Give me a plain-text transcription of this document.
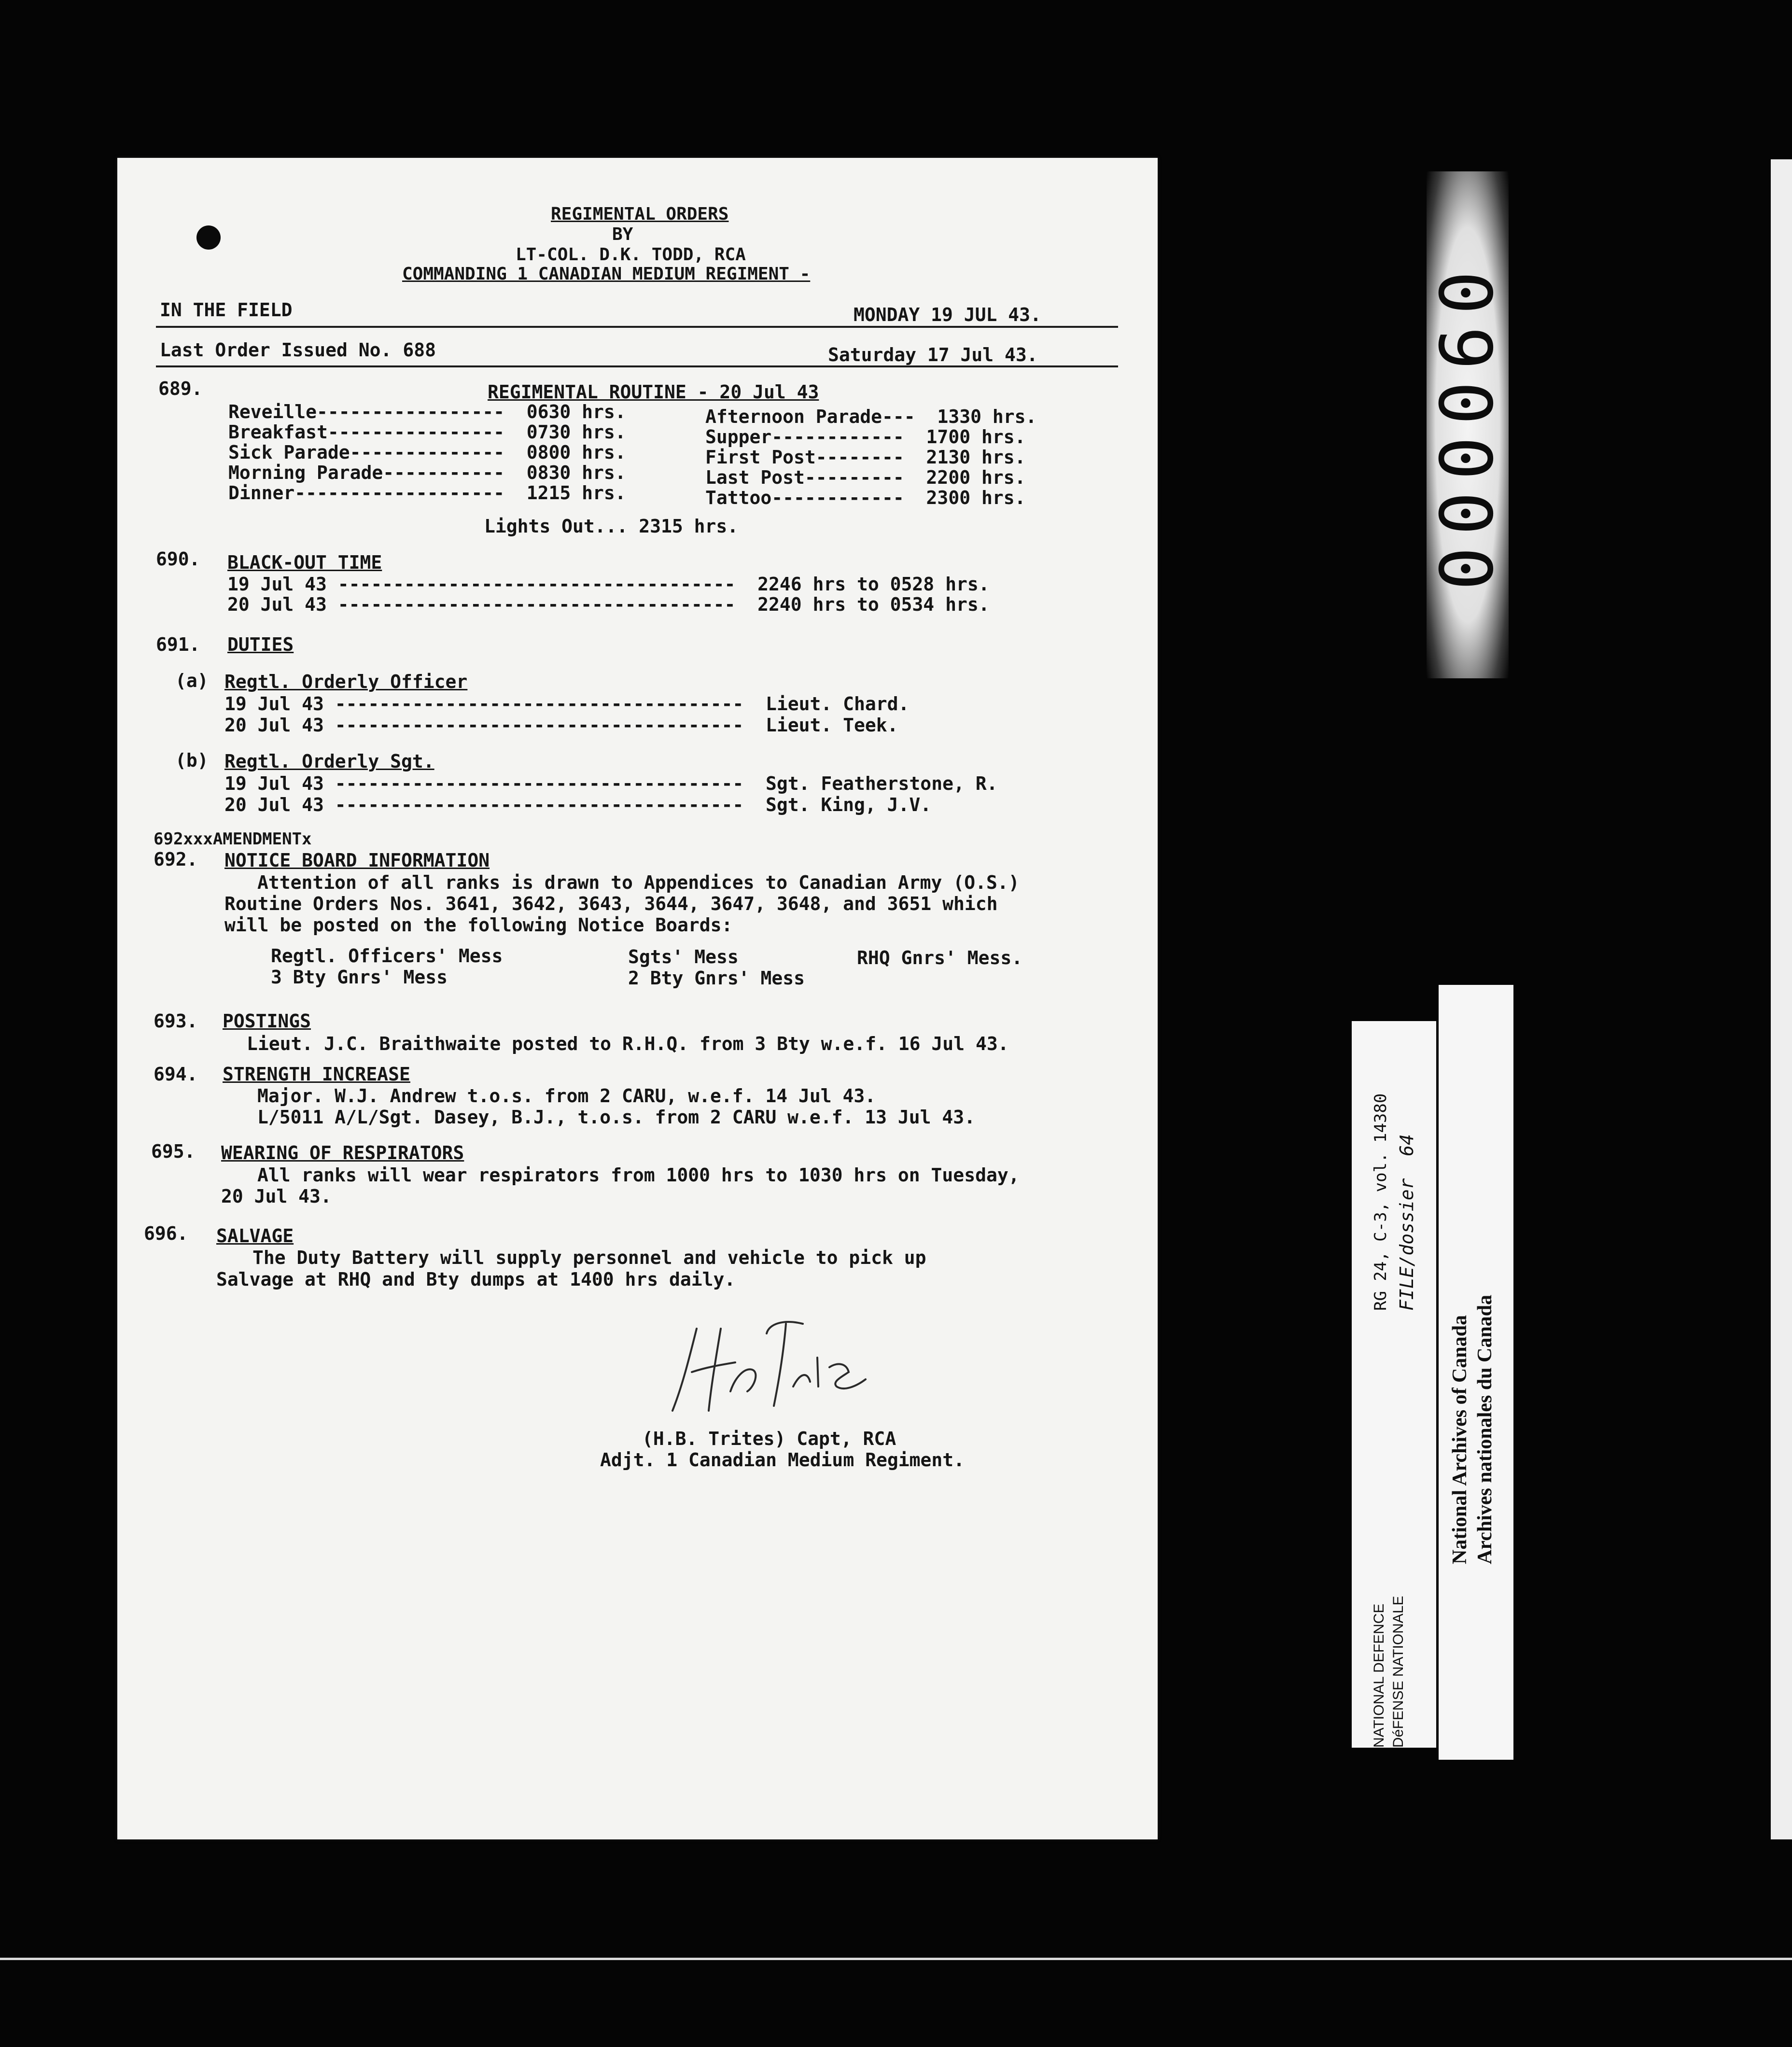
REGIMENTAL ORDERS
BY
LT-COL. D.K. TODD, RCA
COMMANDING 1 CANADIAN MEDIUM REGIMENT -
IN THE FIELD	MONDAY 19 JUL 43.
Last Order Issued No. 688	Saturday 17 Jul 43.
689.	REGIMENTAL ROUTINE - 20 Jul 43
Reveille-----------------  0630 hrs.	Afternoon Parade---  1330 hrs.
Breakfast----------------  0730 hrs.	Supper------------  1700 hrs.
Sick Parade--------------  0800 hrs.	First Post--------  2130 hrs.
Morning Parade-----------  0830 hrs.	Last Post---------  2200 hrs.
Dinner-------------------  1215 hrs.	Tattoo------------  2300 hrs.
Lights Out... 2315 hrs.
690. BLACK-OUT TIME
19 Jul 43 ------------------------------------  2246 hrs to 0528 hrs.
20 Jul 43 ------------------------------------  2240 hrs to 0534 hrs.
691. DUTIES
(a) Regtl. Orderly Officer
19 Jul 43 -------------------------------------  Lieut. Chard.
20 Jul 43 -------------------------------------  Lieut. Teek.
(b) Regtl. Orderly Sgt.
19 Jul 43 -------------------------------------  Sgt. Featherstone, R.
20 Jul 43 -------------------------------------  Sgt. King, J.V.
692xxxAMENDMENTx
692. NOTICE BOARD INFORMATION
Attention of all ranks is drawn to Appendices to Canadian Army (O.S.)
Routine Orders Nos. 3641, 3642, 3643, 3644, 3647, 3648, and 3651 which
will be posted on the following Notice Boards:
Regtl. Officers' Mess	Sgts' Mess	RHQ Gnrs' Mess.
3 Bty Gnrs' Mess	2 Bty Gnrs' Mess
693. POSTINGS
Lieut. J.C. Braithwaite posted to R.H.Q. from 3 Bty w.e.f. 16 Jul 43.
694. STRENGTH INCREASE
Major. W.J. Andrew t.o.s. from 2 CARU, w.e.f. 14 Jul 43.
L/5011 A/L/Sgt. Dasey, B.J., t.o.s. from 2 CARU w.e.f. 13 Jul 43.
695. WEARING OF RESPIRATORS
All ranks will wear respirators from 1000 hrs to 1030 hrs on Tuesday,
20 Jul 43.
696. SALVAGE
The Duty Battery will supply personnel and vehicle to pick up
Salvage at RHQ and Bty dumps at 1400 hrs daily.
(H.B. Trites) Capt, RCA
Adjt. 1 Canadian Medium Regiment.
000060
RG 24, C-3, vol. 14380 FILE/dossier  64
NATIONAL DEFENCE DéFENSE NATIONALE
National Archives of Canada Archives nationales du Canada
